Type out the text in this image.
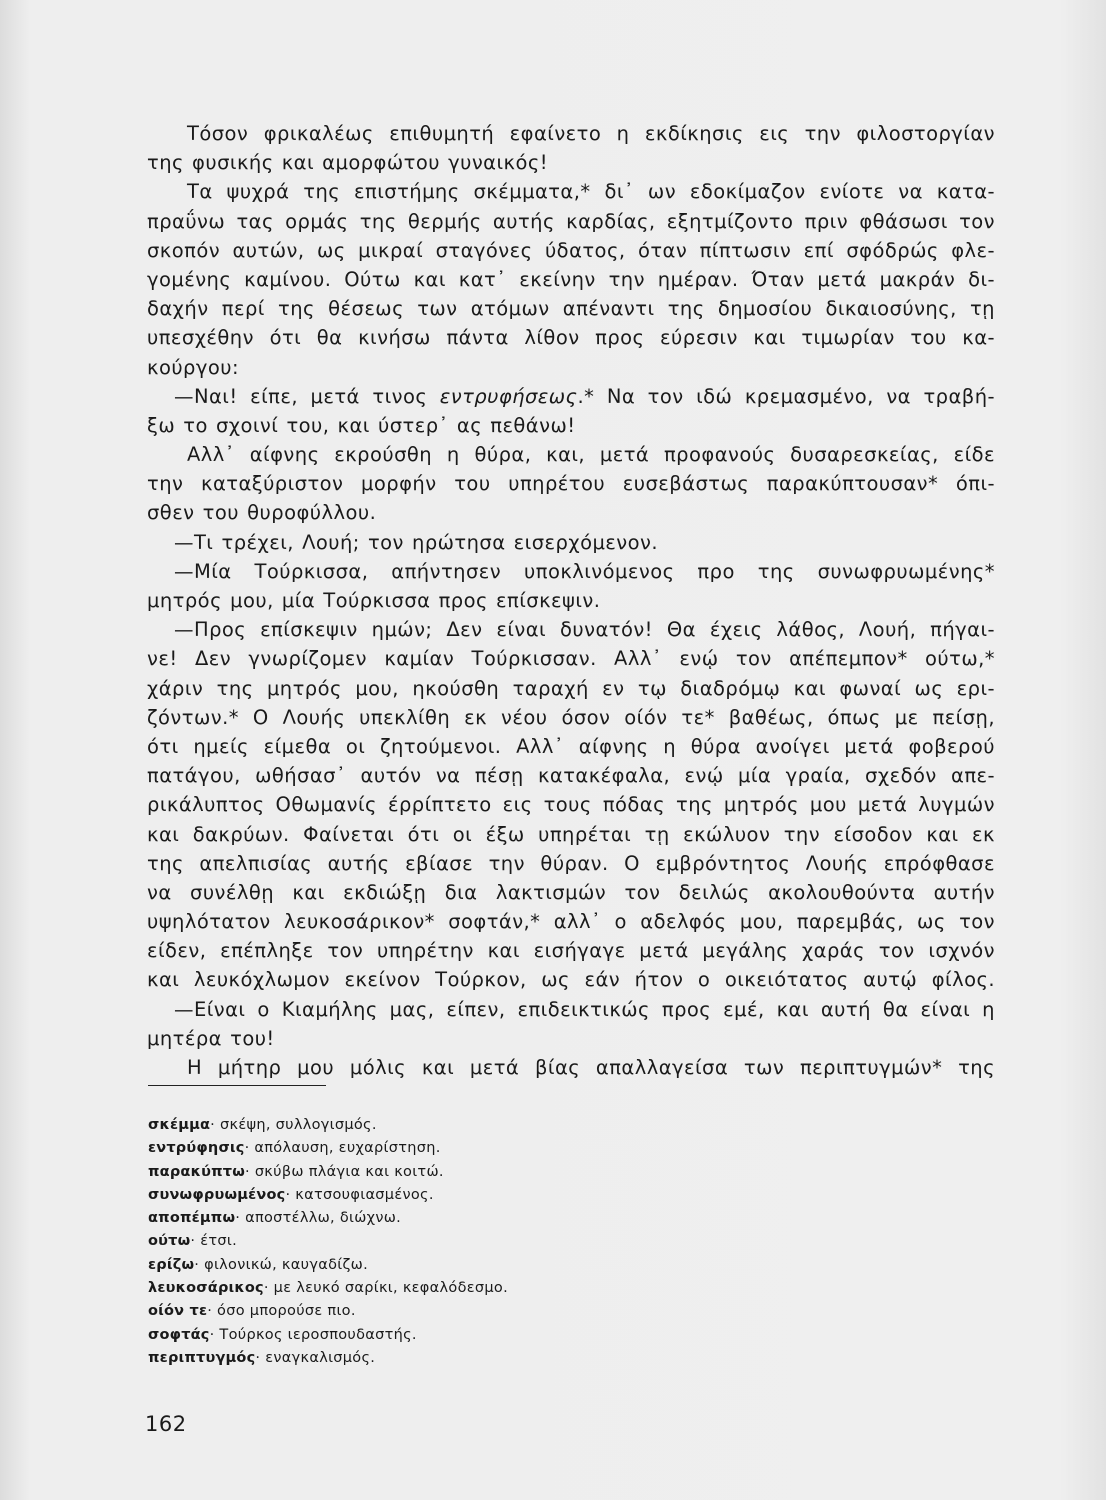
Τόσον φρικαλέως επιθυμητή εφαίνετο η εκδίκησις εις την φιλοστοργίαν
της φυσικής και αμορφώτου γυναικός!
Τα ψυχρά της επιστήμης σκέμματα,* δι᾽ ων εδοκίμαζον ενίοτε να κατα-
πραΰνω τας ορμάς της θερμής αυτής καρδίας, εξητμίζοντο πριν φθάσωσι τον
σκοπόν αυτών, ως μικραί σταγόνες ύδατος, όταν πίπτωσιν επί σφόδρώς φλε-
γομένης καμίνου. Ούτω και κατ᾽ εκείνην την ημέραν. Όταν μετά μακράν δι-
δαχήν περί της θέσεως των ατόμων απέναντι της δημοσίου δικαιοσύνης, τῃ
υπεσχέθην ότι θα κινήσω πάντα λίθον προς εύρεσιν και τιμωρίαν του κα-
κούργου:
—Ναι! είπε, μετά τινος εντρυφήσεως.* Να τον ιδώ κρεμασμένο, να τραβή-
ξω το σχοινί του, και ύστερ᾽ ας πεθάνω!
Αλλ᾽ αίφνης εκρούσθη η θύρα, και, μετά προφανούς δυσαρεσκείας, είδε
την καταξύριστον μορφήν του υπηρέτου ευσεβάστως παρακύπτουσαν* όπι-
σθεν του θυροφύλλου.
—Τι τρέχει, Λουή; τον ηρώτησα εισερχόμενον.
—Μία Τούρκισσα, απήντησεν υποκλινόμενος προ της συνωφρυωμένης*
μητρός μου, μία Τούρκισσα προς επίσκεψιν.
—Προς επίσκεψιν ημών; Δεν είναι δυνατόν! Θα έχεις λάθος, Λουή, πήγαι-
νε! Δεν γνωρίζομεν καμίαν Τούρκισσαν. Αλλ᾽ ενῴ τον απέπεμπον* ούτω,*
χάριν της μητρός μου, ηκούσθη ταραχή εν τῳ διαδρόμῳ και φωναί ως ερι-
ζόντων.* Ο Λουής υπεκλίθη εκ νέου όσον οίόν τε* βαθέως, όπως με πείσῃ,
ότι ημείς είμεθα οι ζητούμενοι. Αλλ᾽ αίφνης η θύρα ανοίγει μετά φοβερού
πατάγου, ωθήσασ᾽ αυτόν να πέσῃ κατακέφαλα, ενῴ μία γραία, σχεδόν απε-
ρικάλυπτος Οθωμανίς έρρίπτετο εις τους πόδας της μητρός μου μετά λυγμών
και δακρύων. Φαίνεται ότι οι έξω υπηρέται τῃ εκώλυον την είσοδον και εκ
της απελπισίας αυτής εβίασε την θύραν. Ο εμβρόντητος Λουής επρόφθασε
να συνέλθῃ και εκδιώξῃ δια λακτισμών τον δειλώς ακολουθούντα αυτήν
υψηλότατον λευκοσάρικον* σοφτάν,* αλλ᾽ ο αδελφός μου, παρεμβάς, ως τον
είδεν, επέπληξε τον υπηρέτην και εισήγαγε μετά μεγάλης χαράς τον ισχνόν
και λευκόχλωμον εκείνον Τούρκον, ως εάν ήτον ο οικειότατος αυτῴ φίλος.
—Είναι ο Κιαμήλης μας, είπεν, επιδεικτικώς προς εμέ, και αυτή θα είναι η
μητέρα του!
Η μήτηρ μου μόλις και μετά βίας απαλλαγείσα των περιπτυγμών* της
σκέμμα· σκέψη, συλλογισμός.
εντρύφησις· απόλαυση, ευχαρίστηση.
παρακύπτω· σκύβω πλάγια και κοιτώ.
συνωφρυωμένος· κατσουφιασμένος.
αποπέμπω· αποστέλλω, διώχνω.
ούτω· έτσι.
ερίζω· φιλονικώ, καυγαδίζω.
λευκοσάρικος· με λευκό σαρίκι, κεφαλόδεσμο.
οίόν τε· όσο μπορούσε πιο.
σοφτάς· Τούρκος ιεροσπουδαστής.
περιπτυγμός· εναγκαλισμός.
162
